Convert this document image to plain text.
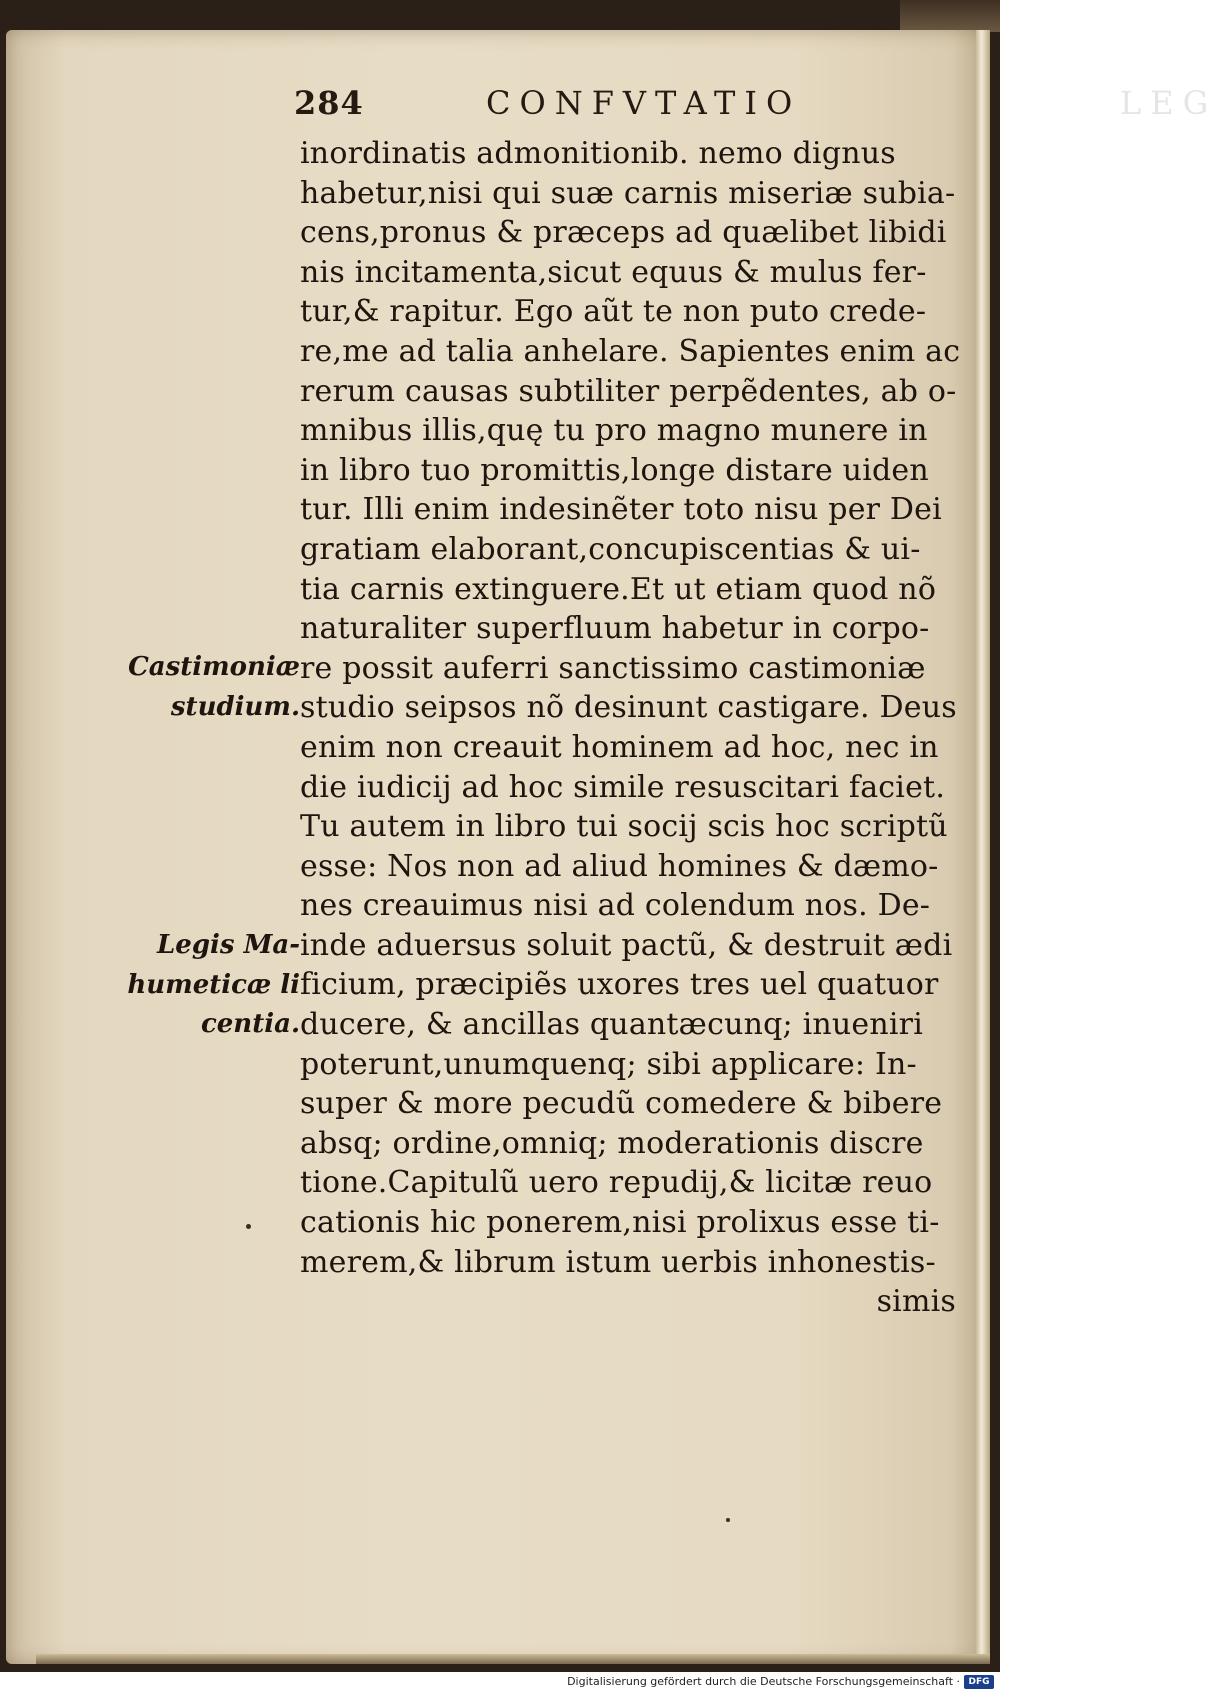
284	CONFVTATIO	LEG
inordinatis admonitionib. nemo dignus
habetur,nisi qui suæ carnis miseriæ subia-
cens,pronus & præceps ad quælibet libidi
nis incitamenta,sicut equus & mulus fer-
tur,& rapitur. Ego aũt te non puto crede-
re,me ad talia anhelare. Sapientes enim ac
rerum causas subtiliter perpẽdentes, ab o-
mnibus illis,quę tu pro magno munere in
in libro tuo promittis,longe distare uiden
tur. Illi enim indesinẽter toto nisu per Dei
gratiam elaborant,concupiscentias & ui-
tia carnis extinguere.Et ut etiam quod nõ
naturaliter superfluum habetur in corpo-
re possit auferri sanctissimo castimoniæ
studio seipsos nõ desinunt castigare. Deus
enim non creauit hominem ad hoc, nec in
die iudicij ad hoc simile resuscitari faciet.
Tu autem in libro tui socij scis hoc scriptũ
esse: Nos non ad aliud homines & dæmo-
nes creauimus nisi ad colendum nos. De-
inde aduersus soluit pactũ, & destruit ædi
ficium, præcipiẽs uxores tres uel quatuor
ducere, & ancillas quantæcunq; inueniri
poterunt,unumquenq; sibi applicare: In-
super & more pecudũ comedere & bibere
absq; ordine,omniq; moderationis discre
tione.Capitulũ uero repudij,& licitæ reuo
cationis hic ponerem,nisi prolixus esse ti-
merem,& librum istum uerbis inhonestis-
simis
Castimoniæ
studium.
Legis Ma-
humeticæ li
centia.
Digitalisierung gefördert durch die Deutsche Forschungsgemeinschaft · DFG
